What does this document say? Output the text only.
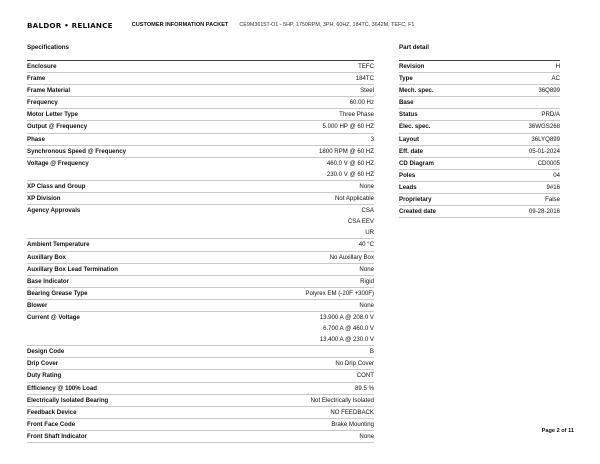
BALDOR • RELIANCE	CUSTOMER INFORMATION PACKET CE9M3615T-O1 - 5HP, 1750RPM, 3PH, 60HZ, 184TC, 3642M, TEFC, F1
Specifications	Part detail
Enclosure	TEFC
Frame	184TC
Frame Material	Steel
Frequency	60.00 Hz
Motor Letter Type	Three Phase
Output @ Frequency	5.000 HP @ 60 HZ
Phase	3
Synchronous Speed @ Frequency	1800 RPM @ 60 HZ
Voltage @ Frequency	460.0 V @ 60 HZ
230.0 V @ 60 HZ
XP Class and Group	None
XP Division	Not Applicable
Agency Approvals	CSA
CSA EEV
UR
Ambient Temperature	40 °C
Auxillary Box	No Auxillary Box
Auxillary Box Lead Termination	None
Base Indicator	Rigid
Bearing Grease Type	Polyrex EM (-20F +300F)
Blower	None
Current @ Voltage	13.900 A @ 208.0 V
6.700 A @ 460.0 V
13.400 A @ 230.0 V
Design Code	B
Drip Cover	No Drip Cover
Duty Rating	CONT
Efficiency @ 100% Load	89.5 %
Electrically Isolated Bearing	Not Electrically Isolated
Feedback Device	NO FEEDBACK
Front Face Code	Brake Mounting
Front Shaft Indicator	None
Revision	H
Type	AC
Mech. spec.	36Q899
Base
Status	PRD/A
Elec. spec.	36WGS268
Layout	36LYQ899
Eff. date	05-01-2024
CD Diagram	CD0005
Poles	04
Leads	9#16
Proprietary	False
Created date	09-28-2016
Page 2 of 11
